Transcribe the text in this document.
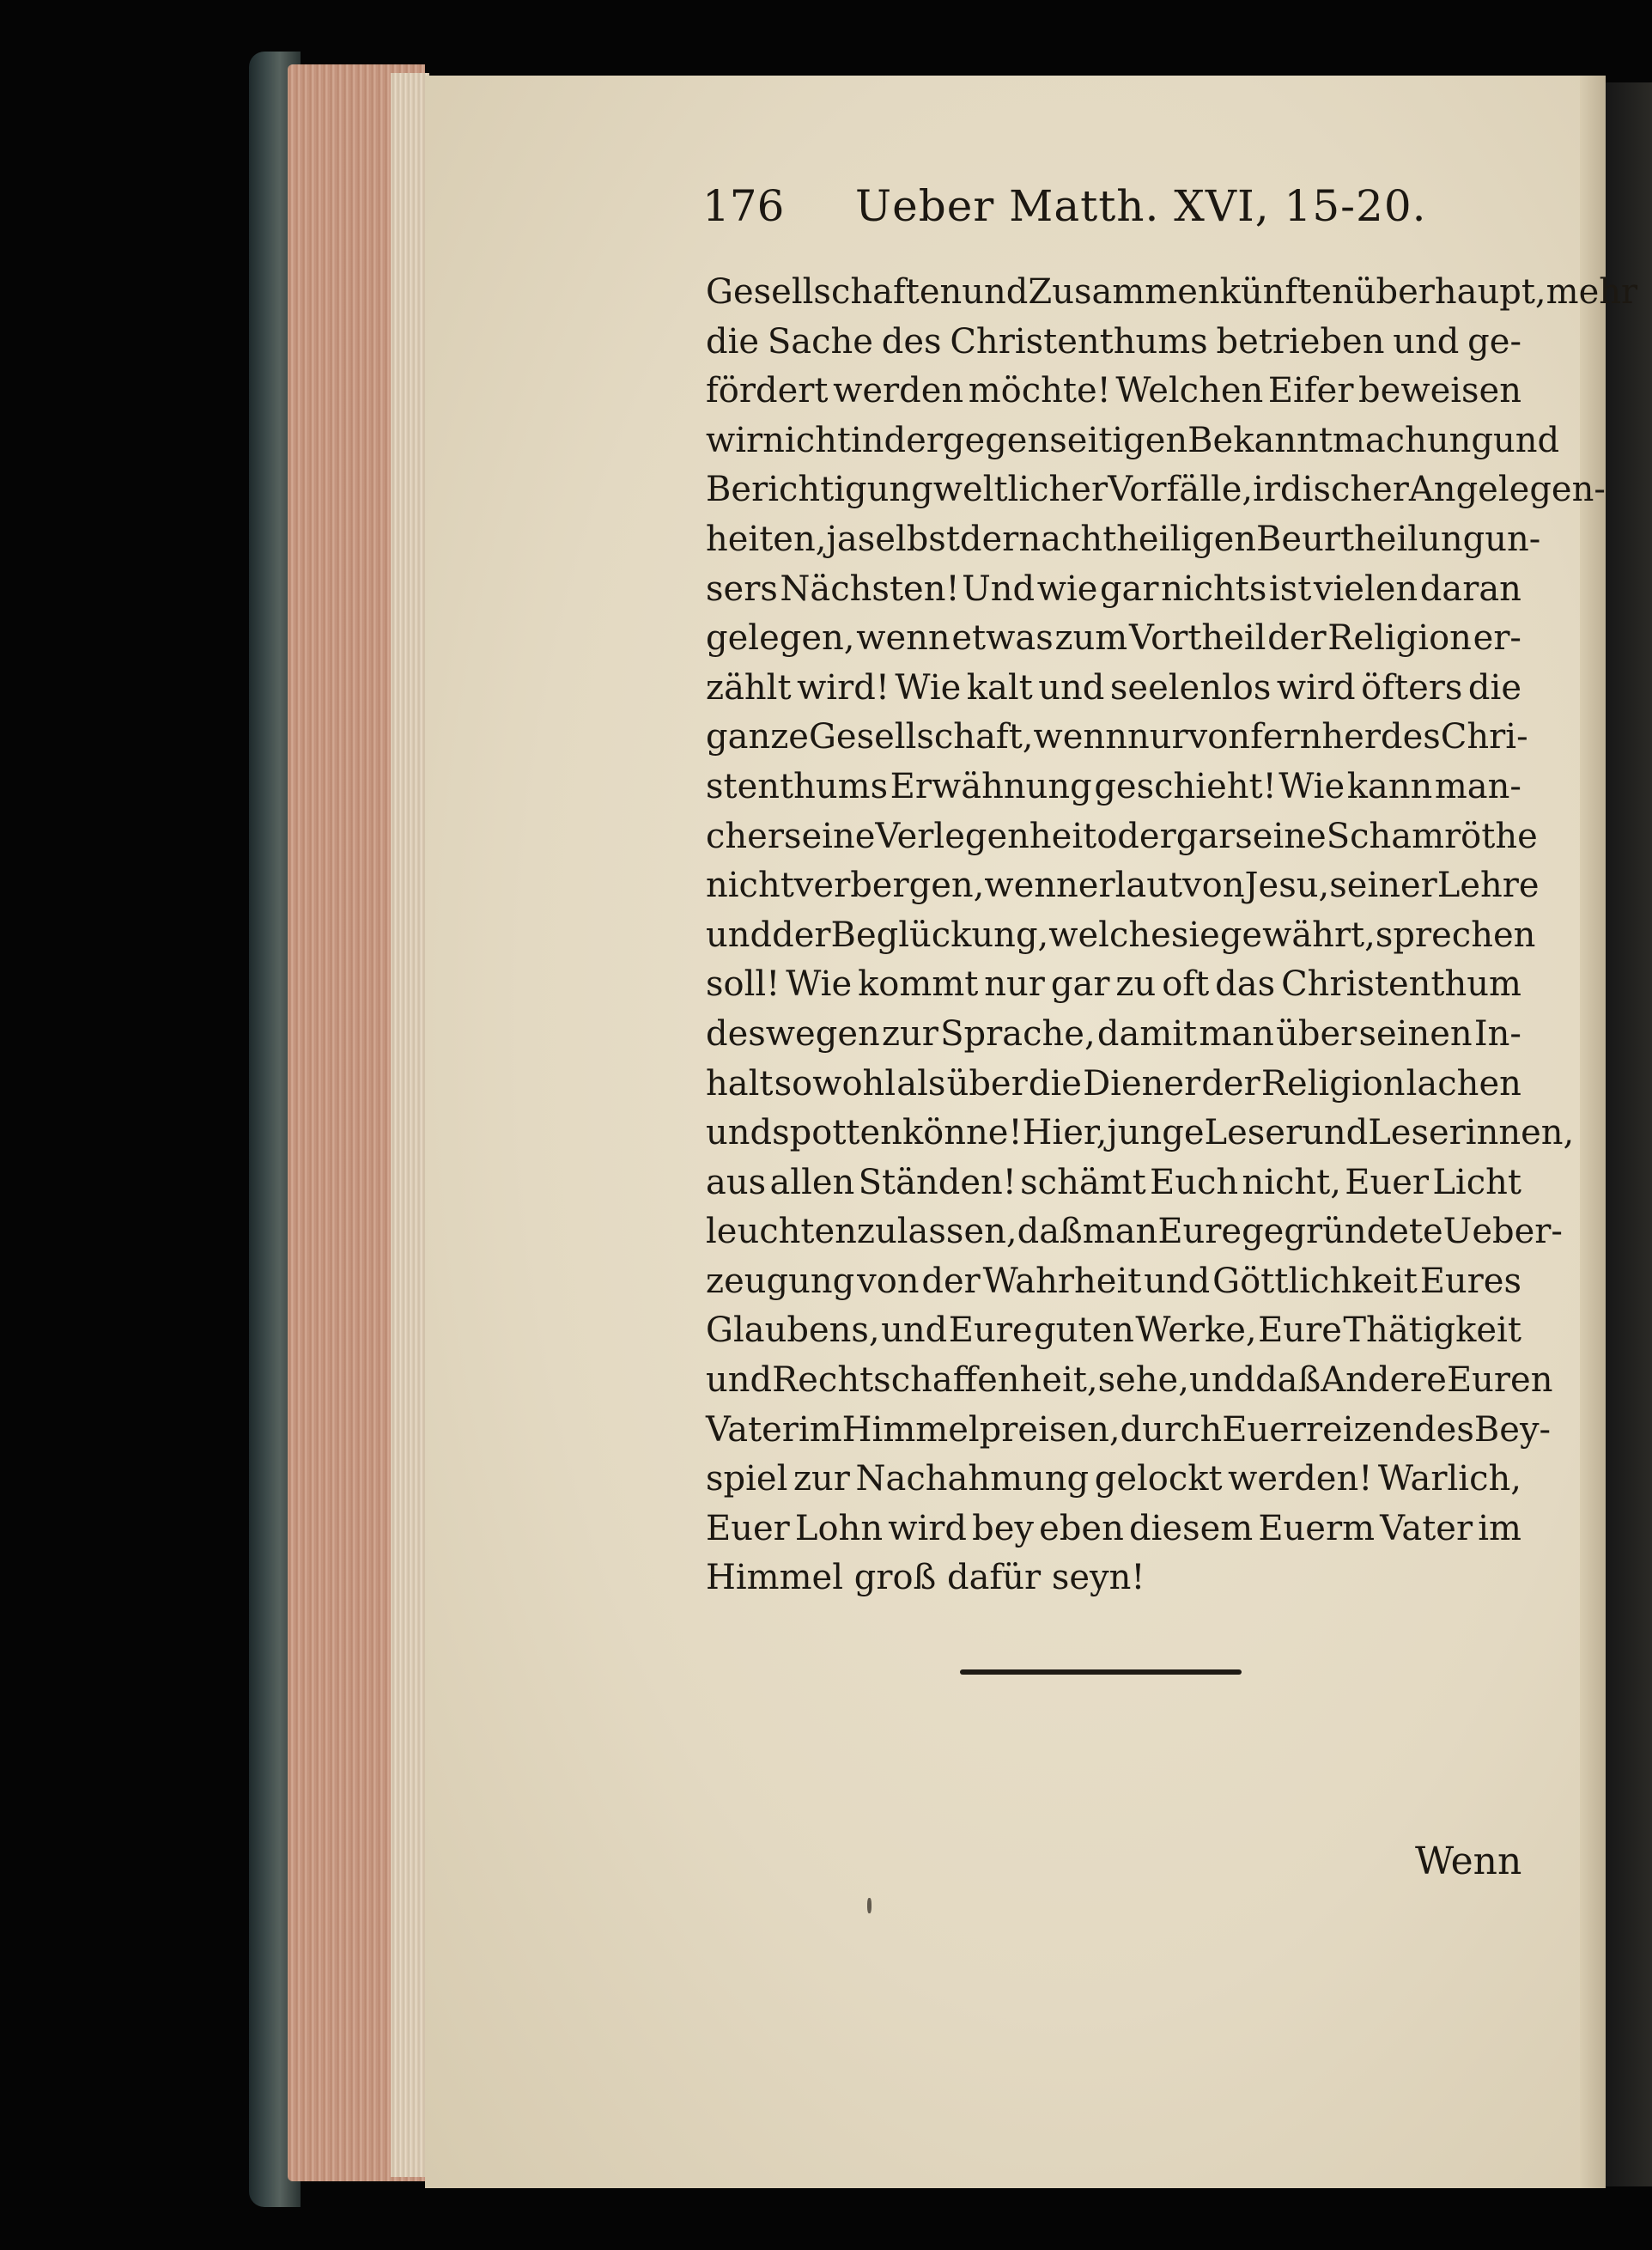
176 Ueber Matth. XVI, 15-20.
Gesellschaften und Zusammenkünften überhaupt, mehr
die Sache des Christenthums betrieben und ge-
fördert werden möchte! Welchen Eifer beweisen
wir nicht in der gegenseitigen Bekanntmachung und
Berichtigung weltlicher Vorfälle, irdischer Angelegen-
heiten, ja selbst der nachtheiligen Beurtheilung un-
sers Nächsten! Und wie gar nichts ist vielen daran
gelegen, wenn etwas zum Vortheil der Religion er-
zählt wird! Wie kalt und seelenlos wird öfters die
ganze Gesellschaft, wenn nur von fernher des Chri-
stenthums Erwähnung geschieht! Wie kann man-
cher seine Verlegenheit oder gar seine Schamröthe
nicht verbergen, wenn er laut von Jesu, seiner Lehre
und der Beglückung, welche sie gewährt, sprechen
soll! Wie kommt nur gar zu oft das Christenthum
deswegen zur Sprache, damit man über seinen In-
halt sowohl als über die Diener der Religion lachen
und spotten könne! Hier, junge Leser und Leserinnen,
aus allen Ständen! schämt Euch nicht, Euer Licht
leuchten zu lassen, daß man Eure gegründete Ueber-
zeugung von der Wahrheit und Göttlichkeit Eures
Glaubens, und Eure guten Werke, Eure Thätigkeit
und Rechtschaffenheit, sehe, und daß Andere Euren
Vater im Himmel preisen, durch Euer reizendes Bey-
spiel zur Nachahmung gelockt werden! Warlich,
Euer Lohn wird bey eben diesem Euerm Vater im
Himmel groß dafür seyn!
Wenn
